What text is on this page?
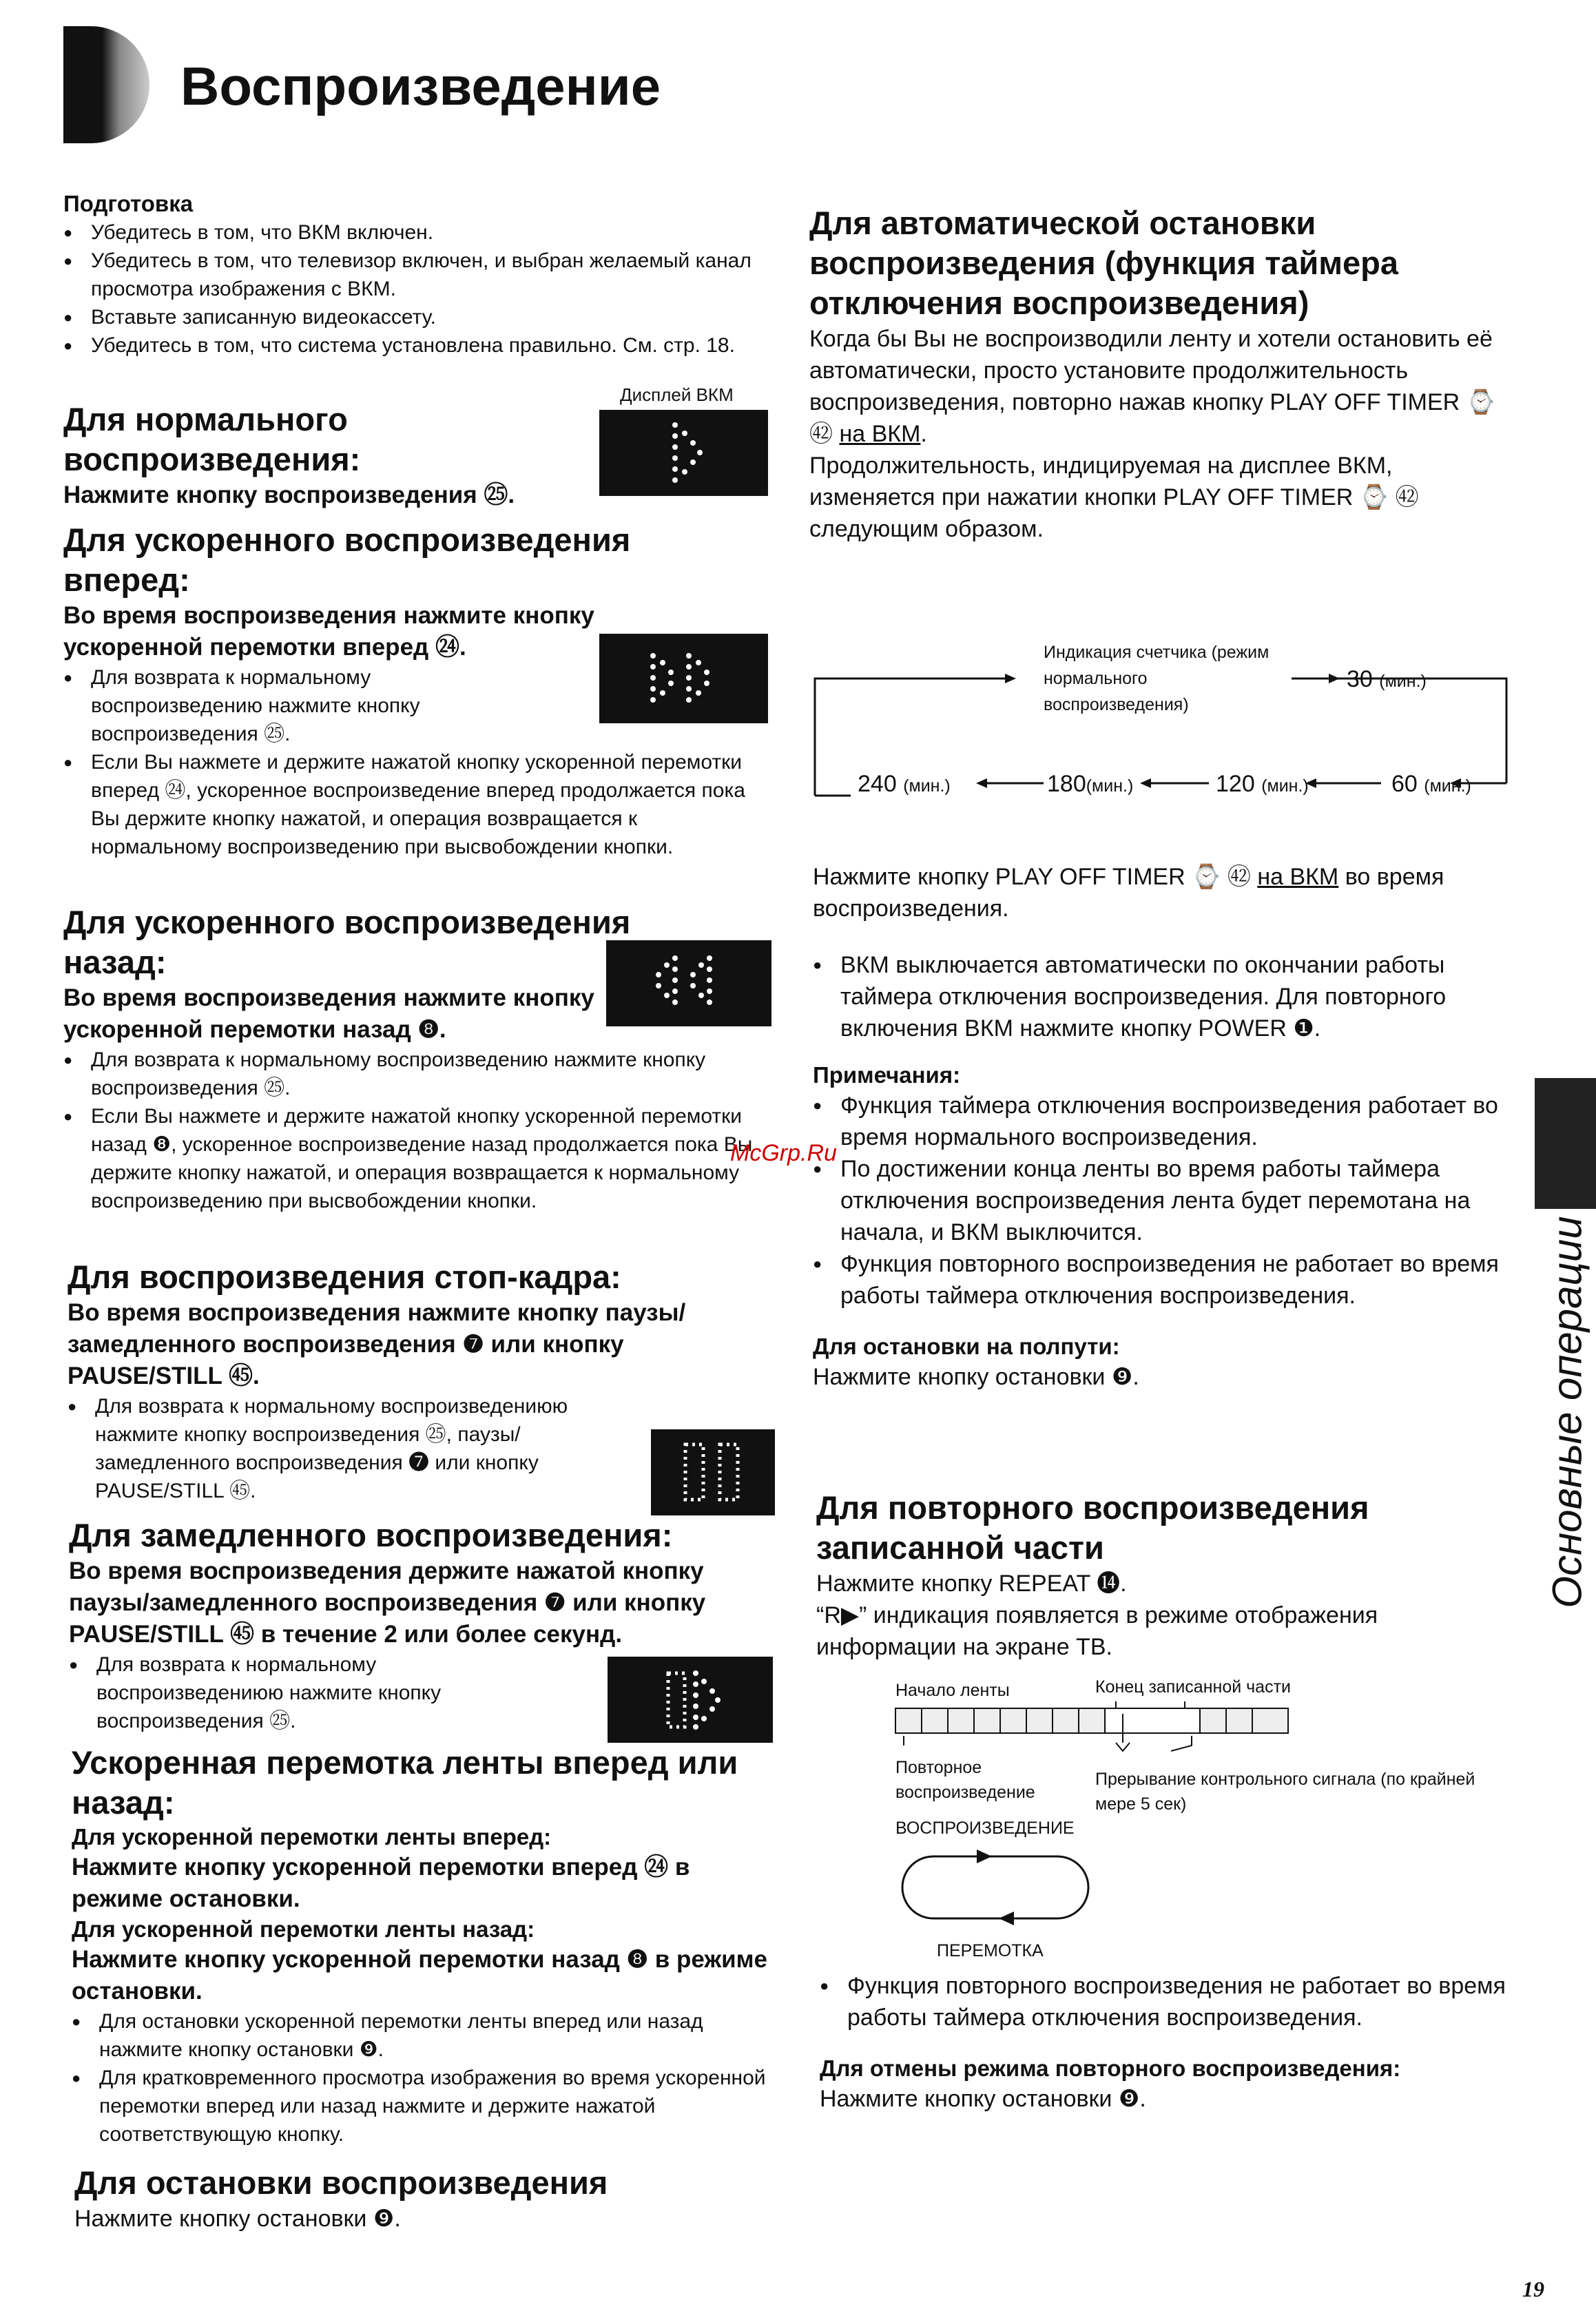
Воспроизведение
Подготовка
● Убедитесь в том, что ВКМ включен.
● Убедитесь в том, что телевизор включен, и выбран желаемый канал просмотра изображения с ВКМ.
● Вставьте записанную видеокассету.
● Убедитесь в том, что система установлена правильно. См. стр. 18.
Дисплей ВКМ
Для нормального воспроизведения:
Нажмите кнопку воспроизведения ㉕.
Для ускоренного воспроизведения вперед:
Во время воспроизведения нажмите кнопку ускоренной перемотки вперед ㉔.
● Для возврата к нормальному воспроизведению нажмите кнопку воспроизведения ㉕.
● Если Вы нажмете и держите нажатой кнопку ускоренной перемотки вперед ㉔, ускоренное воспроизведение вперед продолжается пока Вы держите кнопку нажатой, и операция возвращается к нормальному воспроизведению при высвобождении кнопки.
Для ускоренного воспроизведения назад:
Во время воспроизведения нажмите кнопку ускоренной перемотки назад ❽.
● Для возврата к нормальному воспроизведению нажмите кнопку воспроизведения ㉕.
● Если Вы нажмете и держите нажатой кнопку ускоренной перемотки назад ❽, ускоренное воспроизведение назад продолжается пока Вы держите кнопку нажатой, и операция возвращается к нормальному воспроизведению при высвобождении кнопки.
Для воспроизведения стоп-кадра:
Во время воспроизведения нажмите кнопку паузы/замедленного воспроизведения ❼ или кнопку PAUSE/STILL ㊺.
● Для возврата к нормальному воспроизведениюю нажмите кнопку воспроизведения ㉕, паузы/ замедленного воспроизведения ❼ или кнопку PAUSE/STILL ㊺.
Для замедленного воспроизведения:
Во время воспроизведения держите нажатой кнопку паузы/замедленного воспроизведения ❼ или кнопку PAUSE/STILL ㊺ в течение 2 или более секунд.
● Для возврата к нормальному воспроизведениюю нажмите кнопку воспроизведения ㉕.
Ускоренная перемотка ленты вперед или назад:
Для ускоренной перемотки ленты вперед:
Нажмите кнопку ускоренной перемотки вперед ㉔ в режиме остановки.
Для ускоренной перемотки ленты назад:
Нажмите кнопку ускоренной перемотки назад ❽ в режиме остановки.
● Для остановки ускоренной перемотки ленты вперед или назад нажмите кнопку остановки ❾.
● Для кратковременного просмотра изображения во время ускоренной перемотки вперед или назад нажмите и держите нажатой соответствующую кнопку.
Для остановки воспроизведения
Нажмите кнопку остановки ❾.
Для автоматической остановки воспроизведения (функция таймера отключения воспроизведения)
Когда бы Вы не воспроизводили ленту и хотели остановить её автоматически, просто установите продолжительность воспроизведения, повторно нажав кнопку PLAY OFF TIMER ⌚ ㊷ на ВКМ.
Продолжительность, индицируемая на дисплее ВКМ, изменяется при нажатии кнопки PLAY OFF TIMER ⌚ ㊷ следующим образом.
Индикация счетчика (режим нормального воспроизведения)
30 (мин.)
60 (мин.)
120 (мин.)
180(мин.)
240 (мин.)
Нажмите кнопку PLAY OFF TIMER ⌚ ㊷ на ВКМ во время воспроизведения.
● ВКМ выключается автоматически по окончании работы таймера отключения воспроизведения. Для повторного включения ВКМ нажмите кнопку POWER ❶.
Примечания:
● Функция таймера отключения воспроизведения работает во время нормального воспроизведения.
● По достижении конца ленты во время работы таймера отключения воспроизведения лента будет перемотана на начала, и ВКМ выключится.
● Функция повторного воспроизведения не работает во время работы таймера отключения воспроизведения.
Для остановки на полпути:
Нажмите кнопку остановки ❾.
Для повторного воспроизведения записанной части
Нажмите кнопку REPEAT ⓮.
“R▶” индикация появляется в режиме отображения информации на экране ТВ.
Начало ленты	Конец записанной части
Повторное воспроизведение
Прерывание контрольного сигнала (по крайней мере 5 сек)
ВОСПРОИЗВЕДЕНИЕ
ПЕРЕМОТКА
● Функция повторного воспроизведения не работает во время работы таймера отключения воспроизведения.
Для отмены режима повторного воспроизведения:
Нажмите кнопку остановки ❾.
Основные операции
McGrp.Ru
19
